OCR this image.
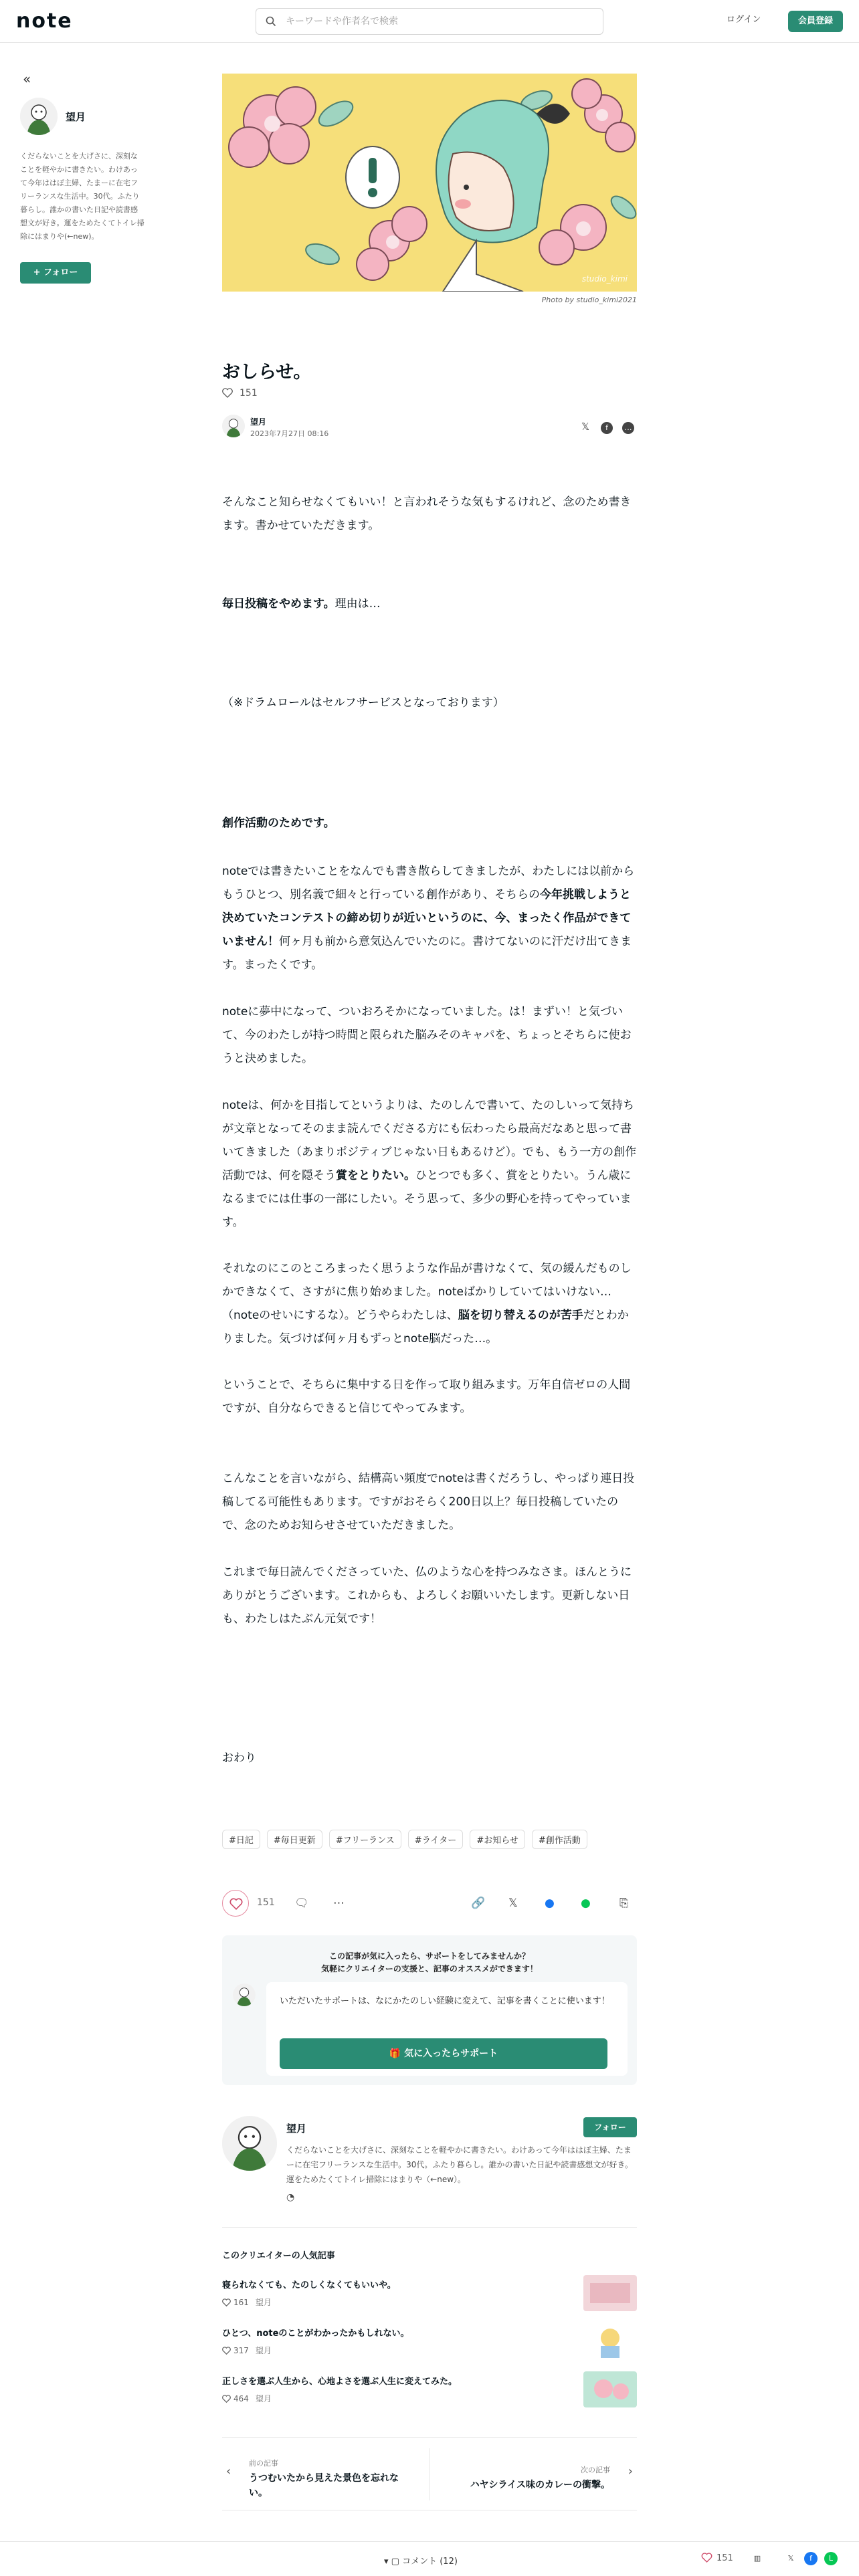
note
キーワードや作者名で検索	ログイン	会員登録
«
望月
くだらないことを大げさに、深刻なことを軽やかに書きたい。わけあって今年ははぼ主婦、たまーに在宅フリーランスな生活中。30代。ふたり暮らし。誰かの書いた日記や読書感想文が好き。運をためたくてトイレ掃除にはまりや(←new)。
+ フォロー
studio_kimi
Photo by studio_kimi2021
おしらせ。
151
望月
2023年7月27日 08:16
𝕏 f …

そんなこと知らせなくてもいい！と言われそうな気もするけれど、念のため書きます。書かせていただきます。

毎日投稿をやめます。理由は…

（※ドラムロールはセルフサービスとなっております）

創作活動のためです。

noteでは書きたいことをなんでも書き散らしてきましたが、わたしには以前からもうひとつ、別名義で細々と行っている創作があり、そちらの今年挑戦しようと決めていたコンテストの締め切りが近いというのに、今、まったく作品ができていません！何ヶ月も前から意気込んでいたのに。書けてないのに汗だけ出てきます。まったくです。

noteに夢中になって、ついおろそかになっていました。は！まずい！と気づいて、今のわたしが持つ時間と限られた脳みそのキャパを、ちょっとそちらに使おうと決めました。

noteは、何かを目指してというよりは、たのしんで書いて、たのしいって気持ちが文章となってそのまま読んでくださる方にも伝わったら最高だなあと思って書いてきました（あまりポジティブじゃない日もあるけど）。でも、もう一方の創作活動では、何を隠そう賞をとりたい。ひとつでも多く、賞をとりたい。うん歳になるまでには仕事の一部にしたい。そう思って、多少の野心を持ってやっています。

それなのにこのところまったく思うような作品が書けなくて、気の緩んだものしかできなくて、さすがに焦り始めました。noteばかりしていてはいけない…（noteのせいにするな）。どうやらわたしは、脳を切り替えるのが苦手だとわかりました。気づけば何ヶ月もずっとnote脳だった…。

ということで、そちらに集中する日を作って取り組みます。万年自信ゼロの人間ですが、自分ならできると信じてやってみます。

こんなことを言いながら、結構高い頻度でnoteは書くだろうし、やっぱり連日投稿してる可能性もあります。ですがおそらく200日以上？毎日投稿していたので、念のためお知らせさせていただきました。

これまで毎日読んでくださっていた、仏のような心を持つみなさま。ほんとうにありがとうございます。これからも、よろしくお願いいたします。更新しない日も、わたしはたぶん元気です！

おわり

#日記 #毎日更新 #フリーランス #ライター #お知らせ #創作活動
151 🗨 ⋯	🔗 𝕏 ● ●	⎘
この記事が気に入ったら、サポートをしてみませんか？
気軽にクリエイターの支援と、記事のオススメができます！
いただいたサポートは、なにかたのしい経験に変えて、記事を書くことに使います！
🎁 気に入ったらサポート
望月	フォロー
くだらないことを大げさに、深刻なことを軽やかに書きたい。わけあって今年ははぼ主婦、たまーに在宅フリーランスな生活中。30代。ふたり暮らし。誰かの書いた日記や読書感想文が好き。運をためたくてトイレ掃除にはまりや（←new）。
◔
このクリエイターの人気記事
寝られなくても、たのしくなくてもいいや。
161 望月
ひとつ、noteのことがわかったかもしれない。
317 望月
正しさを選ぶ人生から、心地よさを選ぶ人生に変えてみた。
464 望月
‹
前の記事
うつむいたから見えた景色を忘れない。
次の記事
ハヤシライス味のカレーの衝撃。
›
▾ ▢ コメント (12)	151	▥	𝕏	f	L
